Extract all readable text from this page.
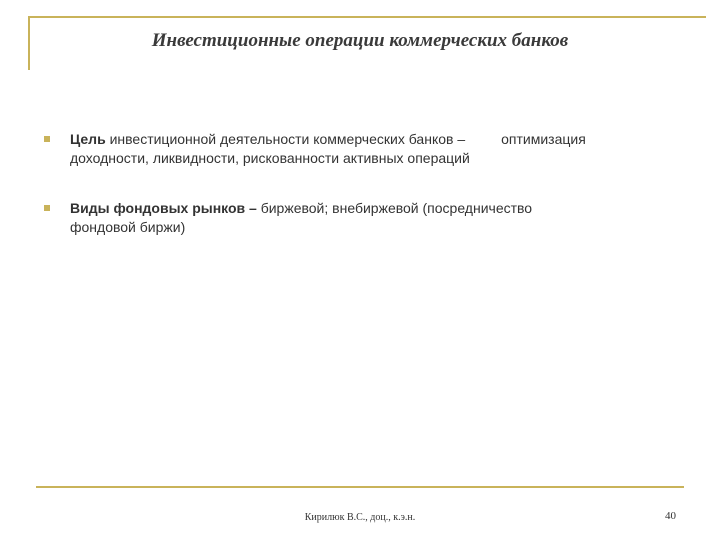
Инвестиционные операции коммерческих банков
Цель инвестиционной деятельности коммерческих банков –	оптимизация
доходности, ликвидности, рискованности активных операций
Виды фондовых рынков – биржевой; внебиржевой (посредничество
фондовой биржи)
Кирилюк В.С., доц., к.э.н.	40
